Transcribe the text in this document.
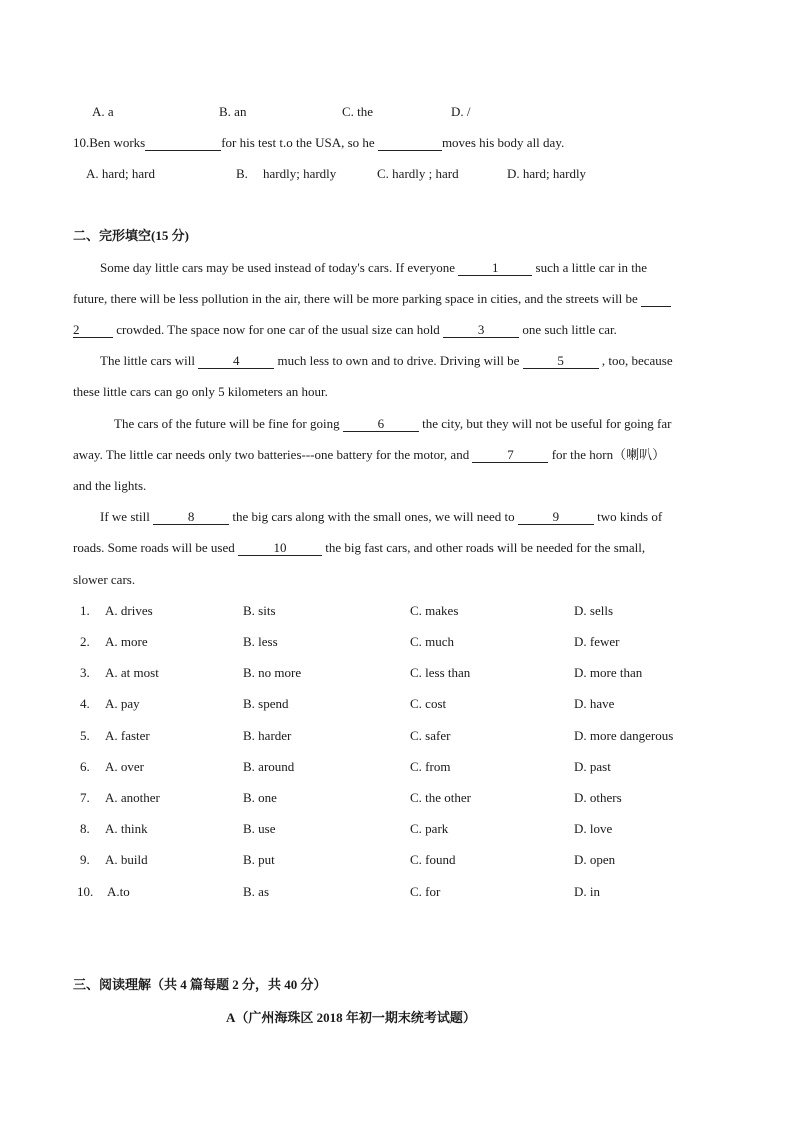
A. a	B. an	C. the	D. /
10.Ben works	for his test t.o the USA, so he	moves his body all day.
A. hard; hard	B. hardly; hardly	C. hardly ; hard	D. hard; hardly
二、完形填空(15 分)
Some day little cars may be used instead of today's cars. If everyone	1	such a little car in the
future, there will be less pollution in the air, there will be more parking space in cities, and the streets will be
2	crowded. The space now for one car of the usual size can hold	3	one such little car.
The little cars will	4	much less to own and to drive. Driving will be	5	, too, because
these little cars can go only 5 kilometers an hour.
The cars of the future will be fine for going	6	the city, but they will not be useful for going far
away. The little car needs only two batteries---one battery for the motor, and	7	for the horn（喇叭）
and the lights.
If we still	8	the big cars along with the small ones, we will need to	9	two kinds of
roads. Some roads will be used	10	the big fast cars, and other roads will be needed for the small,
slower cars.
1. A. drives	B. sits	C. makes	D. sells
2. A. more	B. less	C. much	D. fewer
3. A. at most	B. no more	C. less than	D. more than
4. A. pay	B. spend	C. cost	D. have
5. A. faster	B. harder	C. safer	D. more dangerous
6. A. over	B. around	C. from	D. past
7. A. another	B. one	C. the other	D. others
8. A. think	B. use	C. park	D. love
9. A. build	B. put	C. found	D. open
10. A.to	B. as	C. for	D. in
三、阅读理解（共 4 篇每题 2 分，共 40 分）
A（广州海珠区 2018 年初一期末统考试题）
